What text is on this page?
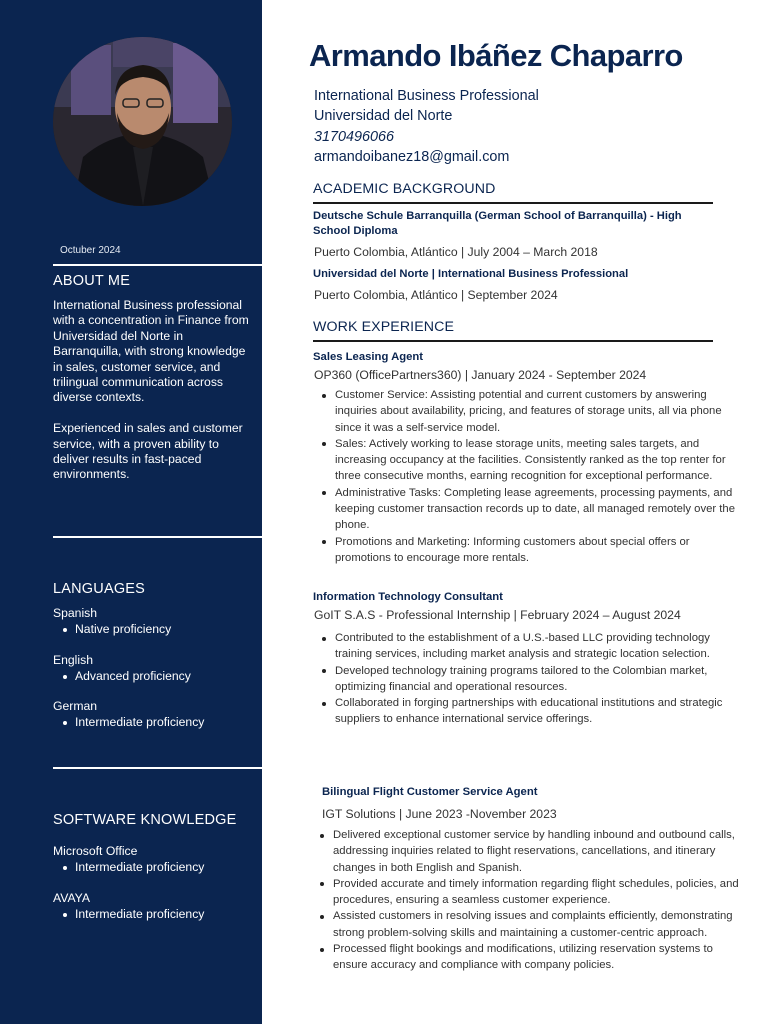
Octuber 2024
ABOUT ME

International Business professional with a concentration in Finance from Universidad del Norte in Barranquilla, with strong knowledge in sales, customer service, and trilingual communication across diverse contexts.

Experienced in sales and customer service, with a proven ability to deliver results in fast-paced environments.

LANGUAGES
Spanish
Native proficiency
English
Advanced proficiency
German
Intermediate proficiency
SOFTWARE KNOWLEDGE
Microsoft Office
Intermediate proficiency
AVAYA
Intermediate proficiency
Armando Ibáñez Chaparro
International Business Professional
Universidad del Norte
3170496066
armandoibanez18@gmail.com
ACADEMIC BACKGROUND
Deutsche Schule Barranquilla (German School of Barranquilla) - High School Diploma
Puerto Colombia, Atlántico | July 2004 – March 2018
Universidad del Norte | International Business Professional
Puerto Colombia, Atlántico | September 2024
WORK EXPERIENCE
Sales Leasing Agent
OP360 (OfficePartners360) | January 2024 - September 2024
Customer Service: Assisting potential and current customers by answering inquiries about availability, pricing, and features of storage units, all via phone since it was a self-service model.
Sales: Actively working to lease storage units, meeting sales targets, and increasing occupancy at the facilities. Consistently ranked as the top renter for three consecutive months, earning recognition for exceptional performance.
Administrative Tasks: Completing lease agreements, processing payments, and keeping customer transaction records up to date, all managed remotely over the phone.
Promotions and Marketing: Informing customers about special offers or promotions to encourage more rentals.
Information Technology Consultant
GoIT S.A.S - Professional Internship | February 2024 – August 2024
Contributed to the establishment of a U.S.-based LLC providing technology training services, including market analysis and strategic location selection.
Developed technology training programs tailored to the Colombian market, optimizing financial and operational resources.
Collaborated in forging partnerships with educational institutions and strategic suppliers to enhance international service offerings.
Bilingual Flight Customer Service Agent
IGT Solutions | June 2023 -November 2023
Delivered exceptional customer service by handling inbound and outbound calls, addressing inquiries related to flight reservations, cancellations, and itinerary changes in both English and Spanish.
Provided accurate and timely information regarding flight schedules, policies, and procedures, ensuring a seamless customer experience.
Assisted customers in resolving issues and complaints efficiently, demonstrating strong problem-solving skills and maintaining a customer-centric approach.
Processed flight bookings and modifications, utilizing reservation systems to ensure accuracy and compliance with company policies.
